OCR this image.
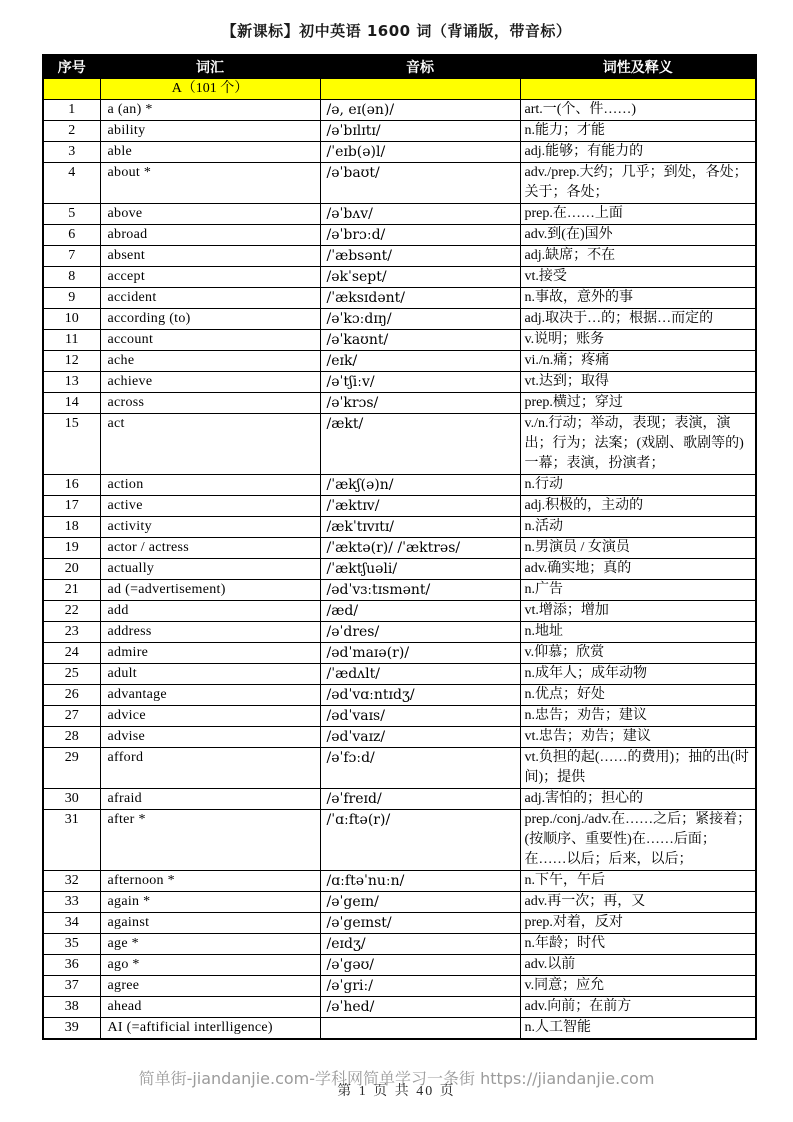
【新课标】初中英语 1600 词（背诵版，带音标）
序号	词汇	音标	词性及释义
	A（101 个）		
1	a (an) *	/ə, eɪ(ən)/	art.一(个、件……)
2	ability	/əˈbɪlɪtɪ/	n.能力；才能
3	able	/ˈeɪb(ə)l/	adj.能够；有能力的
4	about *	/əˈbaʊt/	adv./prep.大约；几乎；到处，各处；关于；各处；
5	above	/əˈbʌv/	prep.在……上面
6	abroad	/əˈbrɔːd/	adv.到(在)国外
7	absent	/ˈæbsənt/	adj.缺席；不在
8	accept	/əkˈsept/	vt.接受
9	accident	/ˈæksɪdənt/	n.事故，意外的事
10	according (to)	/əˈkɔːdɪŋ/	adj.取决于…的；根据…而定的
11	account	/əˈkaʊnt/	v.说明；账务
12	ache	/eɪk/	vi./n.痛；疼痛
13	achieve	/əˈtʃiːv/	vt.达到；取得
14	across	/əˈkrɔs/	prep.横过；穿过
15	act	/ækt/	v./n.行动；举动，表现；表演，演出；行为；法案；(戏剧、歌剧等的)一幕；表演，扮演者；
16	action	/ˈækʃ(ə)n/	n.行动
17	active	/ˈæktɪv/	adj.积极的，主动的
18	activity	/ækˈtɪvɪtɪ/	n.活动
19	actor / actress	/ˈæktə(r)/ /ˈæktrəs/	n.男演员 / 女演员
20	actually	/ˈæktʃuəli/	adv.确实地；真的
21	ad (=advertisement)	/ədˈvɜːtɪsmənt/	n.广告
22	add	/æd/	vt.增添；增加
23	address	/əˈdres/	n.地址
24	admire	/ədˈmaɪə(r)/	v.仰慕；欣赏
25	adult	/ˈædʌlt/	n.成年人；成年动物
26	advantage	/ədˈvɑːntɪdʒ/	n.优点；好处
27	advice	/ədˈvaɪs/	n.忠告；劝告；建议
28	advise	/ədˈvaɪz/	vt.忠告；劝告；建议
29	afford	/əˈfɔːd/	vt.负担的起(……的费用)；抽的出(时间)；提供
30	afraid	/əˈfreɪd/	adj.害怕的；担心的
31	after *	/ˈɑːftə(r)/	prep./conj./adv.在……之后；紧接着；(按顺序、重要性)在……后面；在……以后；后来，以后；
32	afternoon *	/ɑːftəˈnuːn/	n.下午，午后
33	again *	/əˈgeɪn/	adv.再一次；再，又
34	against	/əˈgeɪnst/	prep.对着，反对
35	age *	/eɪdʒ/	n.年龄；时代
36	ago *	/əˈgəʊ/	adv.以前
37	agree	/əˈgriː/	v.同意；应允
38	ahead	/əˈhed/	adv.向前；在前方
39	AI (=aftificial interlligence)		n.人工智能
简单街-jiandanjie.com-学科网简单学习一条街 https://jiandanjie.com
第 1 页 共 40 页
